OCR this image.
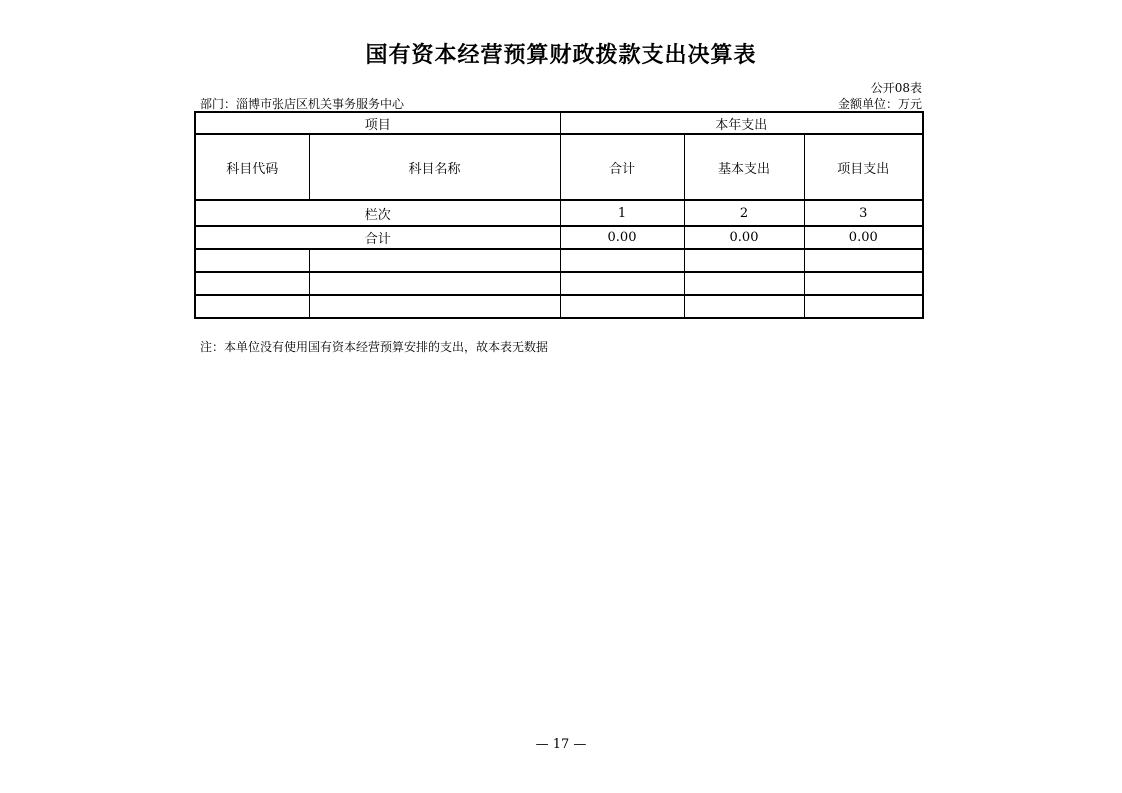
国有资本经营预算财政拨款支出决算表
公开08表
部门：淄博市张店区机关事务服务中心	金额单位：万元
项目		本年支出		
科目代码	科目名称	合计	基本支出	项目支出
栏次		1	2	3
合计		0.00	0.00	0.00

注：本单位没有使用国有资本经营预算安排的支出，故本表无数据
— 17 —
